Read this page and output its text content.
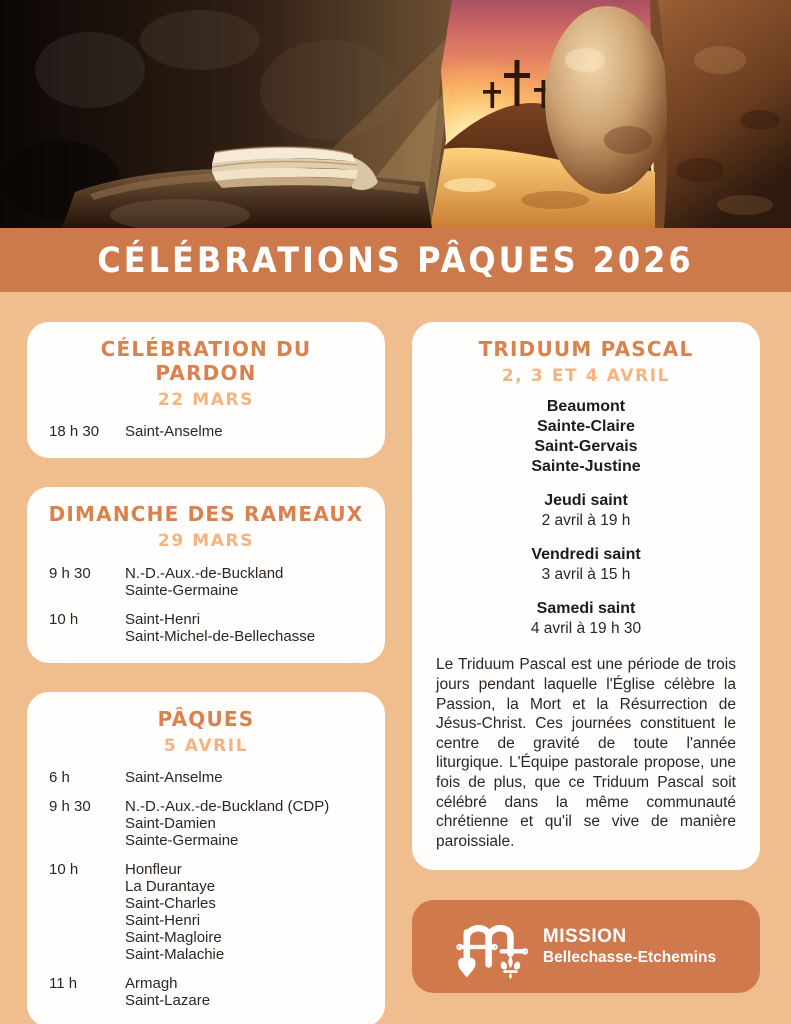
CÉLÉBRATIONS PÂQUES 2026
CÉLÉBRATION DU PARDON
22 MARS
18 h 30	Saint-Anselme
DIMANCHE DES RAMEAUX
29 MARS
9 h 30	N.-D.-Aux.-de-Buckland
Sainte-Germaine
10 h	Saint-Henri
Saint-Michel-de-Bellechasse
PÂQUES
5 AVRIL
6 h	Saint-Anselme
9 h 30	N.-D.-Aux.-de-Buckland (CDP)
Saint-Damien
Sainte-Germaine
10 h	Honfleur
La Durantaye
Saint-Charles
Saint-Henri
Saint-Magloire
Saint-Malachie
11 h	Armagh
Saint-Lazare
TRIDUUM PASCAL
2, 3 ET 4 AVRIL
Beaumont
Sainte-Claire
Saint-Gervais
Sainte-Justine
Jeudi saint
2 avril à 19 h
Vendredi saint
3 avril à 15 h
Samedi saint
4 avril à 19 h 30
Le Triduum Pascal est une période de trois jours pendant laquelle l'Église célèbre la Passion, la Mort et la Résurrection de Jésus-Christ. Ces journées constituent le centre de gravité de toute l'année liturgique. L'Équipe pastorale propose, une fois de plus, que ce Triduum Pascal soit célébré dans la même communauté chrétienne et qu'il se vive de manière paroissiale.
MISSION
Bellechasse-Etchemins
